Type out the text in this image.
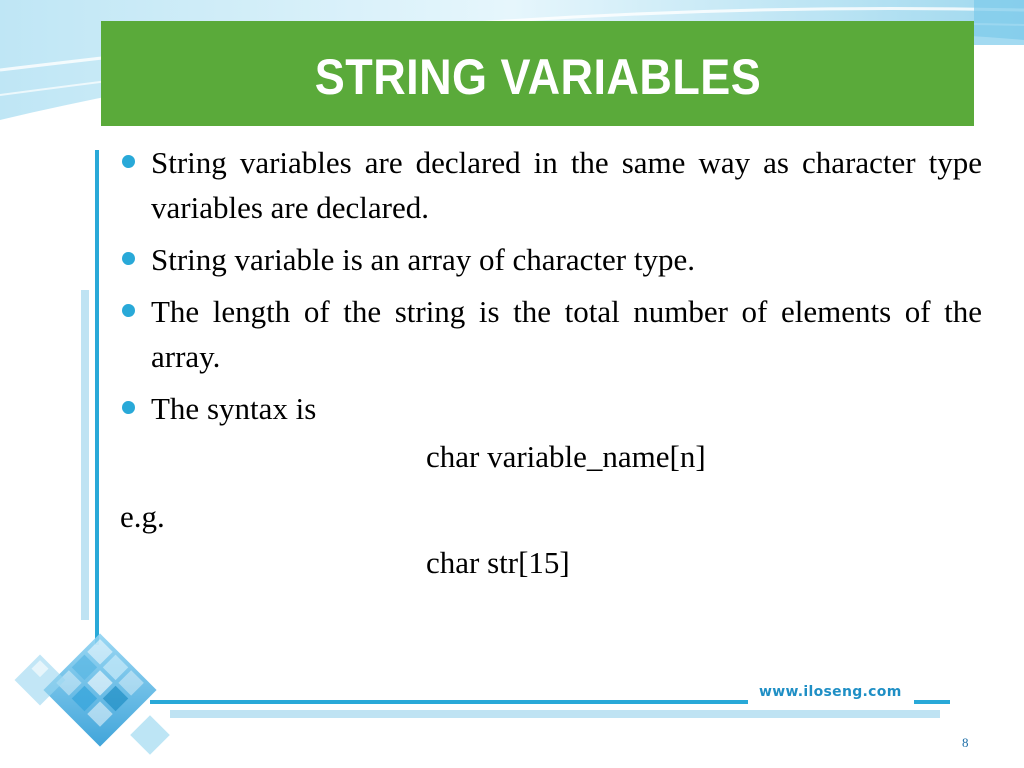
STRING VARIABLES
String variables are declared in the same way as character type variables are declared.
String variable is an array of character type.
The length of the string is the total number of elements of the array.
The syntax is
char variable_name[n]
e.g.
char str[15]
www.iloseng.com
8
